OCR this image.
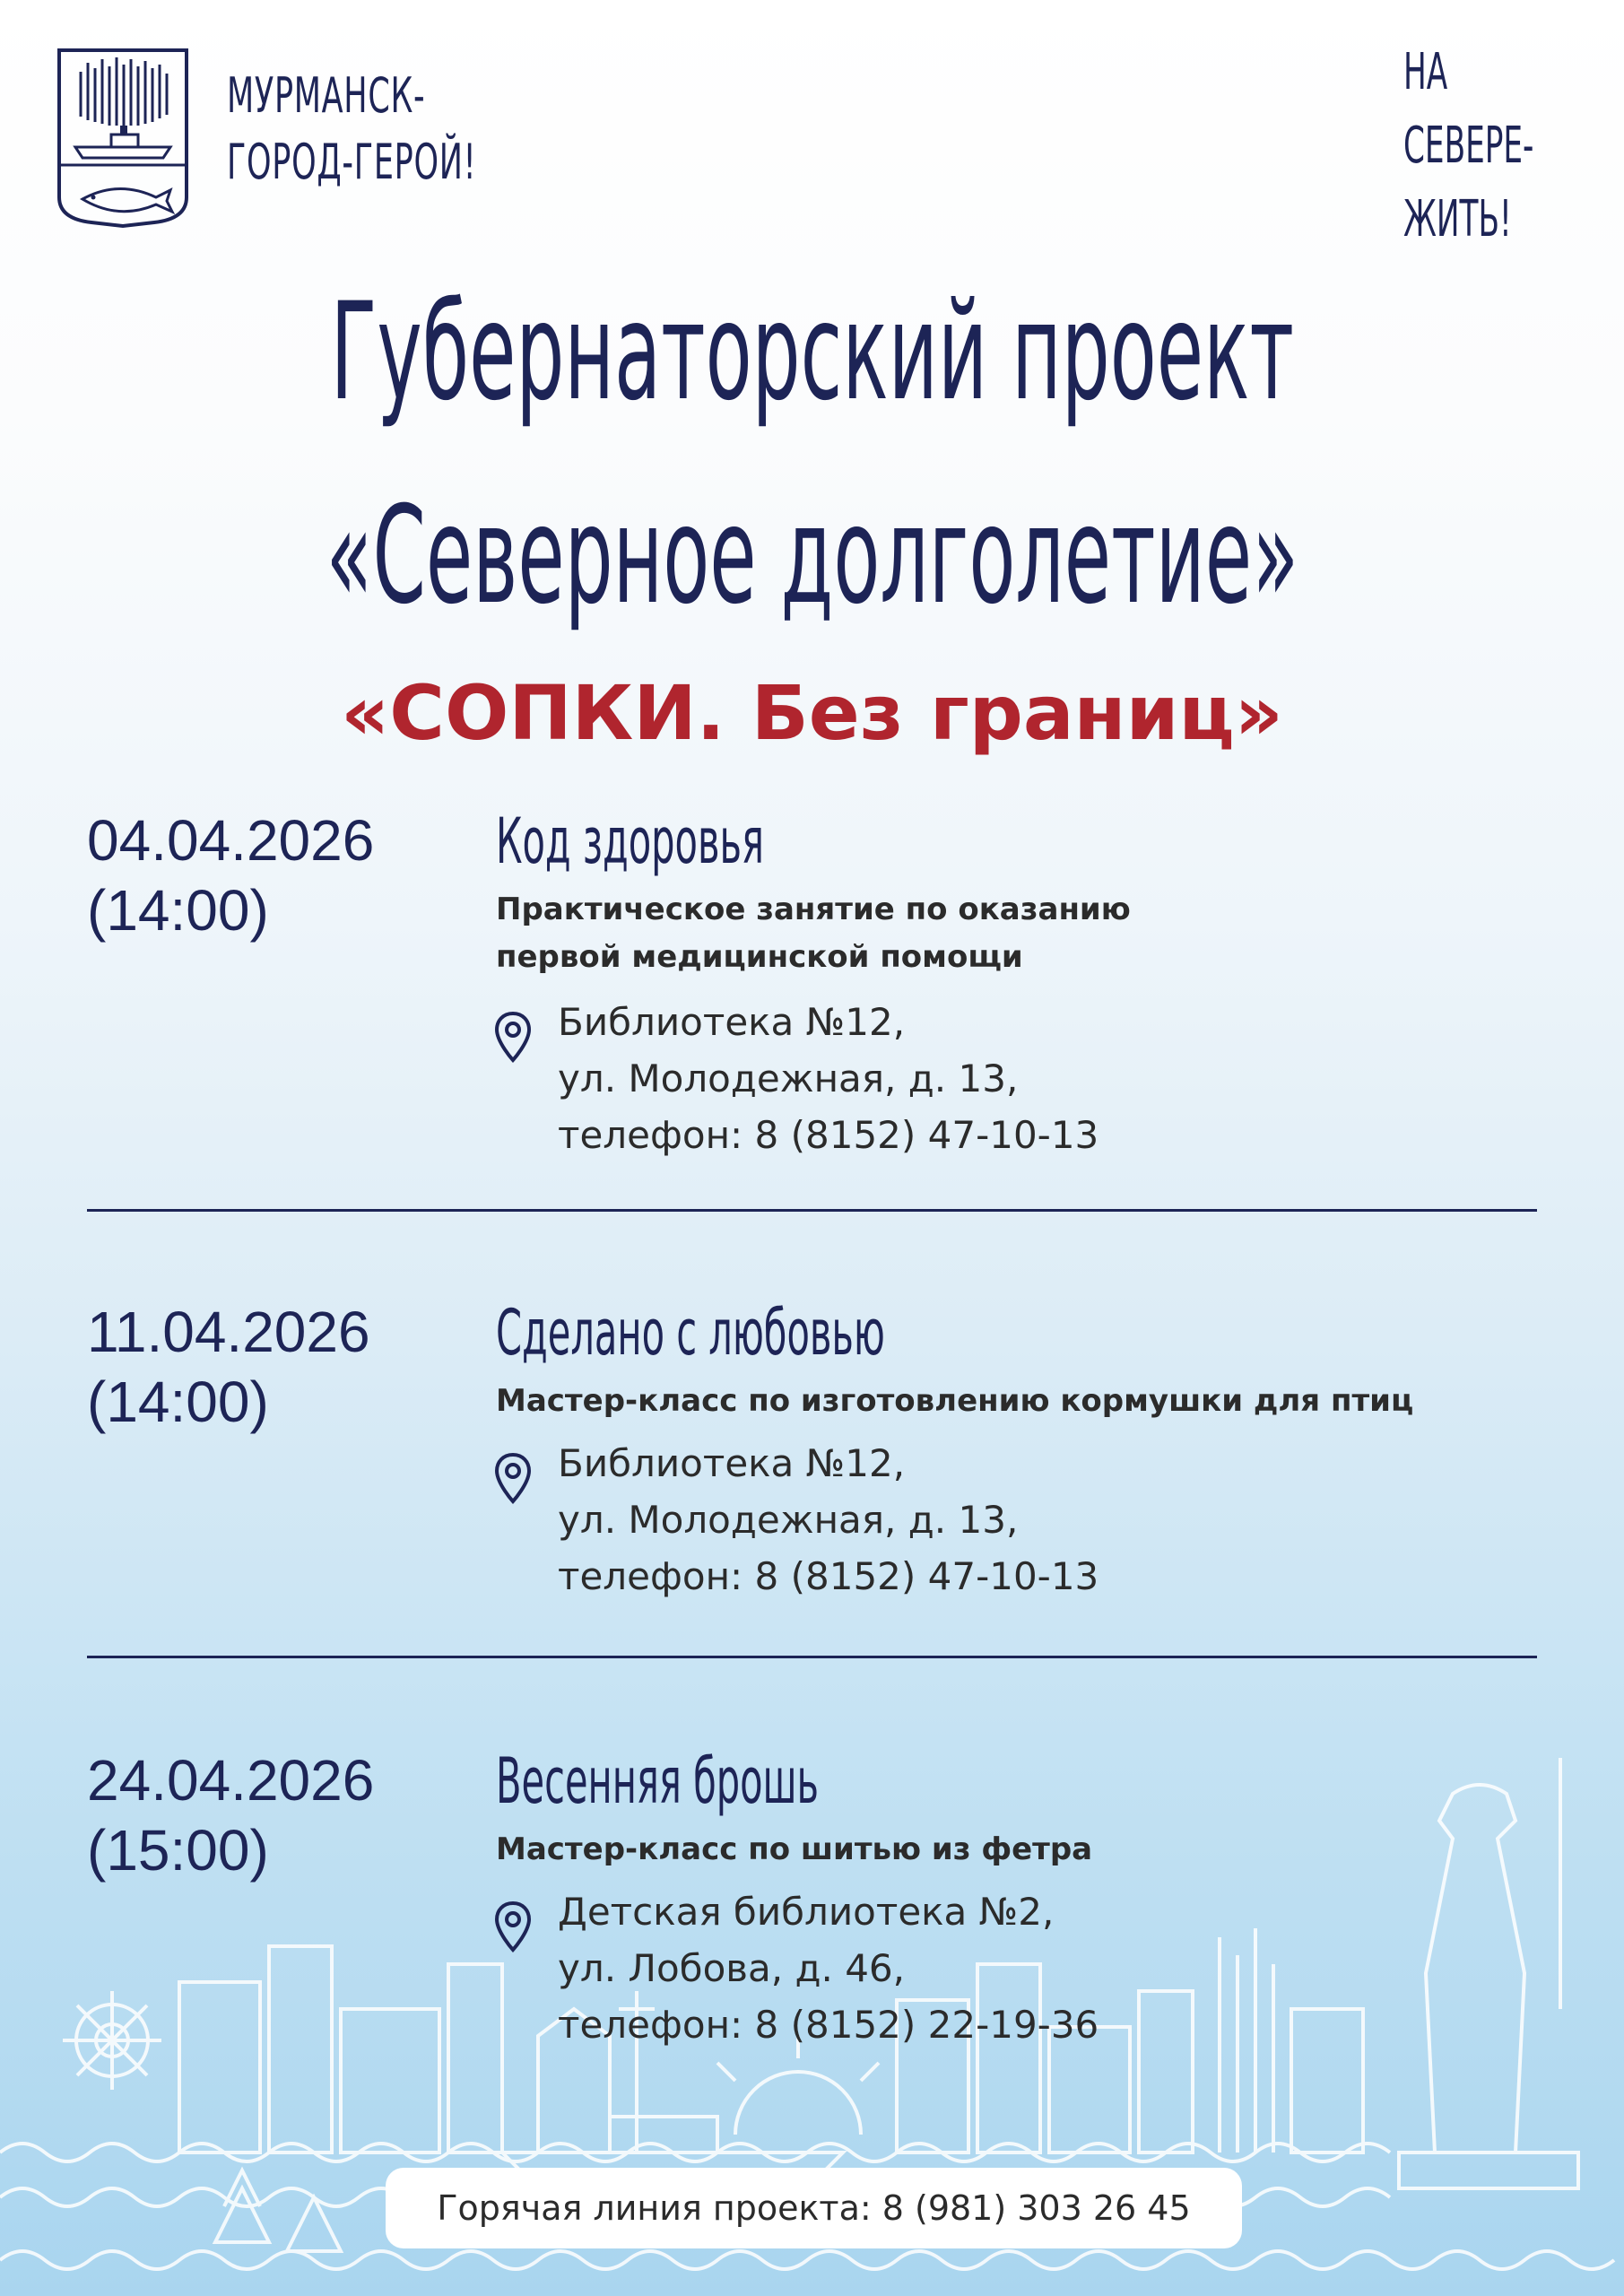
МУРМАНСК-
ГОРОД-ГЕРОЙ!
НА
СЕВЕРЕ-
ЖИТЬ!
Губернаторский проект
«Северное долголетие»
«СОПКИ. Без границ»
04.04.2026
(14:00)
Код здоровья
Практическое занятие по оказанию
первой медицинской помощи
Библиотека №12,
ул. Молодежная, д. 13,
телефон: 8 (8152) 47-10-13
11.04.2026
(14:00)
Сделано с любовью
Мастер-класс по изготовлению кормушки для птиц
Библиотека №12,
ул. Молодежная, д. 13,
телефон: 8 (8152) 47-10-13
24.04.2026
(15:00)
Весенняя брошь
Мастер-класс по шитью из фетра
Детская библиотека №2,
ул. Лобова, д. 46,
телефон: 8 (8152) 22-19-36
Горячая линия проекта: 8 (981) 303 26 45
